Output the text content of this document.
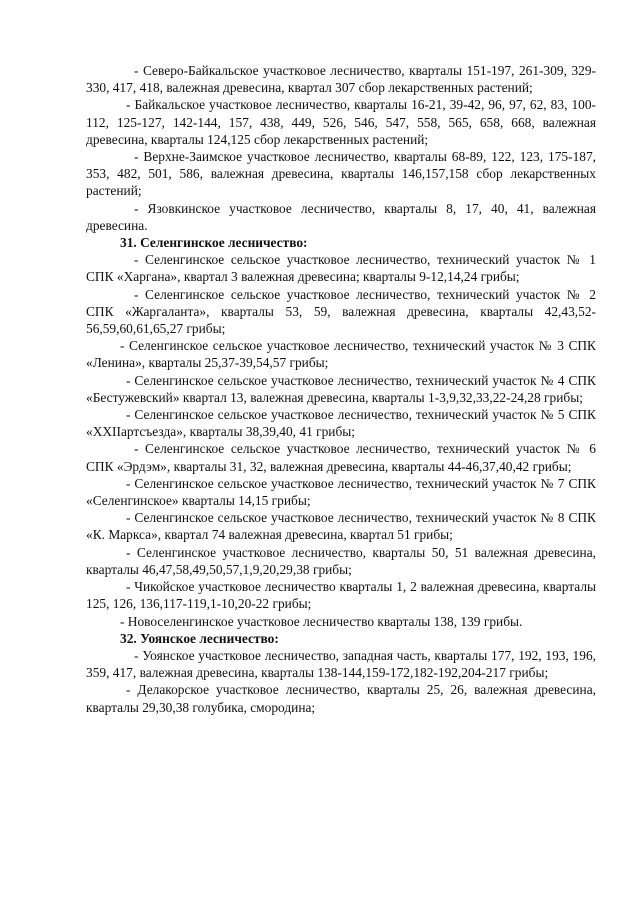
- Северо-Байкальское участковое лесничество, кварталы 151-197, 261-309, 329-330, 417, 418, валежная древесина, квартал 307 сбор лекарственных растений;

- Байкальское участковое лесничество, кварталы 16-21, 39-42, 96, 97, 62, 83, 100-112, 125-127, 142-144, 157, 438, 449, 526, 546, 547, 558, 565, 658, 668, валежная древесина, кварталы 124,125 сбор лекарственных растений;

- Верхне-Заимское участковое лесничество, кварталы 68-89, 122, 123, 175-187, 353, 482, 501, 586, валежная древесина, кварталы 146,157,158 сбор лекарственных растений;

- Язовкинское участковое лесничество, кварталы 8, 17, 40, 41, валежная древесина.

31. Селенгинское лесничество:

- Селенгинское сельское участковое лесничество, технический участок № 1 СПК «Харгана», квартал 3 валежная древесина; кварталы 9-12,14,24 грибы;

- Селенгинское сельское участковое лесничество, технический участок № 2 СПК «Жаргаланта», кварталы 53, 59, валежная древесина, кварталы 42,43,52-56,59,60,61,65,27 грибы;

- Селенгинское сельское участковое лесничество, технический участок № 3 СПК «Ленина», кварталы 25,37-39,54,57 грибы;

- Селенгинское сельское участковое лесничество, технический участок № 4 СПК «Бестужевский» квартал 13, валежная древесина, кварталы 1-3,9,32,33,22-24,28 грибы;

- Селенгинское сельское участковое лесничество, технический участок № 5 СПК «ХХIIартсъезда», кварталы 38,39,40, 41 грибы;

- Селенгинское сельское участковое лесничество, технический участок № 6 СПК «Эрдэм», кварталы 31, 32, валежная древесина, кварталы 44-46,37,40,42 грибы;

- Селенгинское сельское участковое лесничество, технический участок № 7 СПК «Селенгинское» кварталы 14,15 грибы;

- Селенгинское сельское участковое лесничество, технический участок № 8 СПК «К. Маркса», квартал 74 валежная древесина, квартал 51 грибы;

- Селенгинское участковое лесничество, кварталы 50, 51 валежная древесина, кварталы 46,47,58,49,50,57,1,9,20,29,38 грибы;

- Чикойское участковое лесничество кварталы 1, 2 валежная древесина, кварталы 125, 126, 136,117-119,1-10,20-22 грибы;

- Новоселенгинское участковое лесничество кварталы 138, 139 грибы.

32. Уоянское лесничество:

- Уоянское участковое лесничество, западная часть, кварталы 177, 192, 193, 196, 359, 417, валежная древесина, кварталы 138-144,159-172,182-192,204-217 грибы;

- Делакорское участковое лесничество, кварталы 25, 26, валежная древесина, кварталы 29,30,38 голубика, смородина;
